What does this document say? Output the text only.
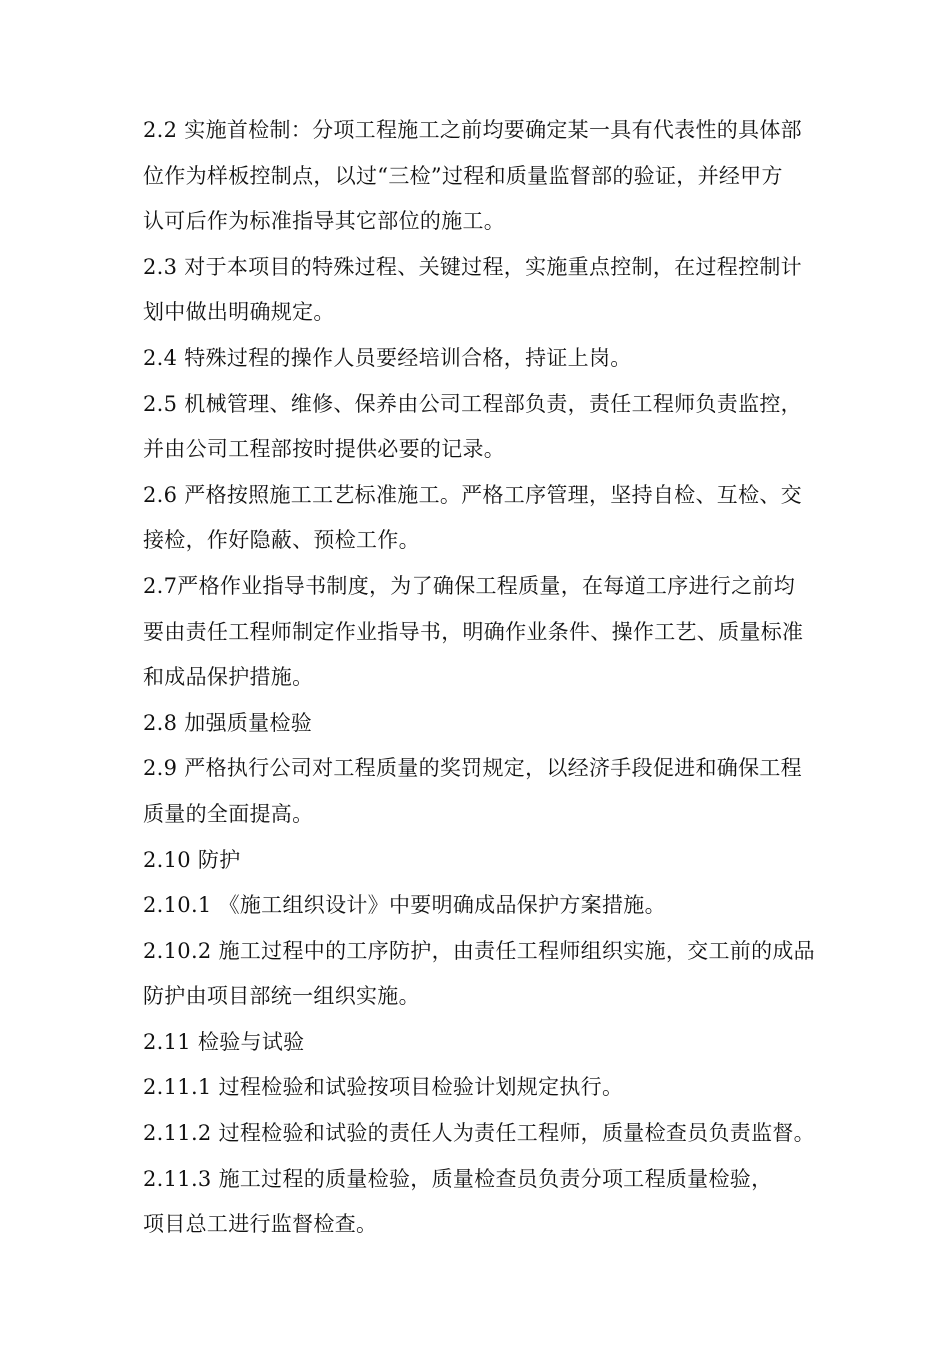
2.2 实施首检制：分项工程施工之前均要确定某一具有代表性的具体部
位作为样板控制点，以过“三检”过程和质量监督部的验证，并经甲方
认可后作为标准指导其它部位的施工。

2.3 对于本项目的特殊过程、关键过程，实施重点控制，在过程控制计
划中做出明确规定。

2.4 特殊过程的操作人员要经培训合格，持证上岗。

2.5 机械管理、维修、保养由公司工程部负责，责任工程师负责监控，
并由公司工程部按时提供必要的记录。

2.6 严格按照施工工艺标准施工。严格工序管理，坚持自检、互检、交
接检，作好隐蔽、预检工作。

2.7严格作业指导书制度，为了确保工程质量，在每道工序进行之前均
要由责任工程师制定作业指导书，明确作业条件、操作工艺、质量标准
和成品保护措施。

2.8 加强质量检验

2.9 严格执行公司对工程质量的奖罚规定，以经济手段促进和确保工程
质量的全面提高。

2.10 防护

2.10.1 《施工组织设计》中要明确成品保护方案措施。

2.10.2 施工过程中的工序防护，由责任工程师组织实施，交工前的成品
防护由项目部统一组织实施。

2.11 检验与试验

2.11.1 过程检验和试验按项目检验计划规定执行。

2.11.2 过程检验和试验的责任人为责任工程师，质量检查员负责监督。

2.11.3 施工过程的质量检验，质量检查员负责分项工程质量检验，
项目总工进行监督检查。
